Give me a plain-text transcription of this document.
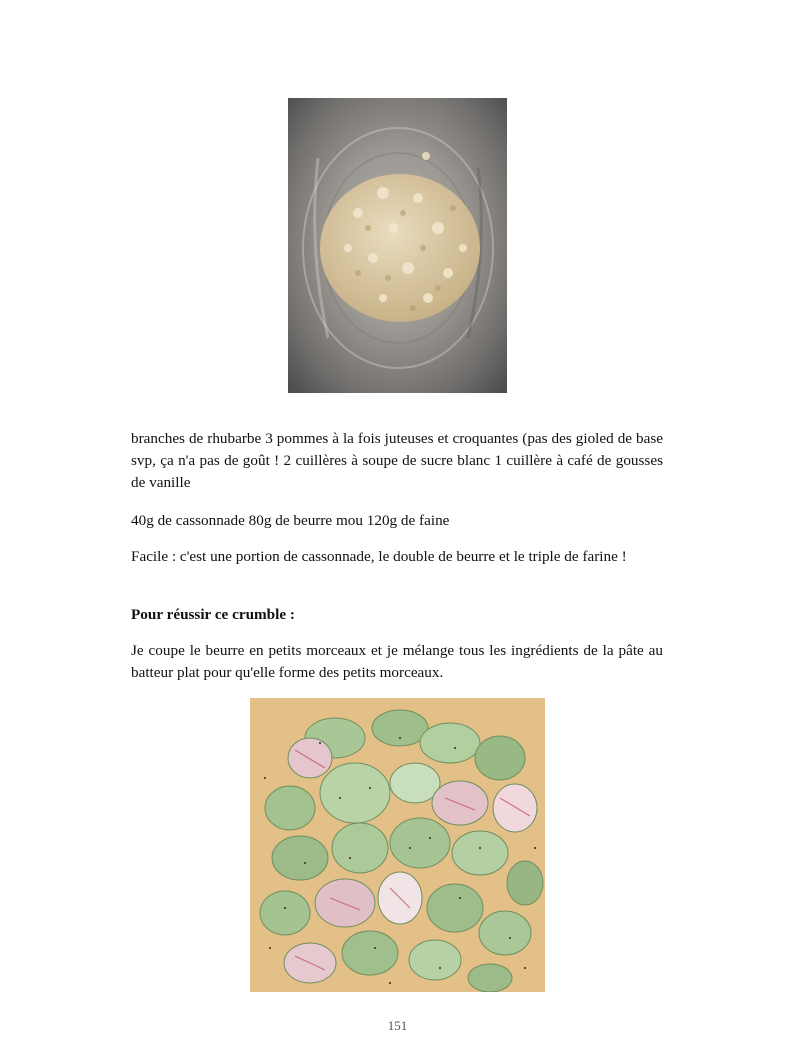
branches de rhubarbe 3 pommes à la fois juteuses et croquantes (pas des gioled de base svp, ça n'a pas de goût ! 2 cuillères à soupe de sucre blanc 1 cuillère à café de gousses de vanille

40g de cassonnade 80g de beurre mou 120g de faine

Facile : c'est une portion de cassonnade, le double de beurre et le triple de farine !

Pour réussir ce crumble :

Je coupe le beurre en petits morceaux et je mélange tous les ingrédients de la pâte au batteur plat pour qu'elle forme des petits morceaux.

151
